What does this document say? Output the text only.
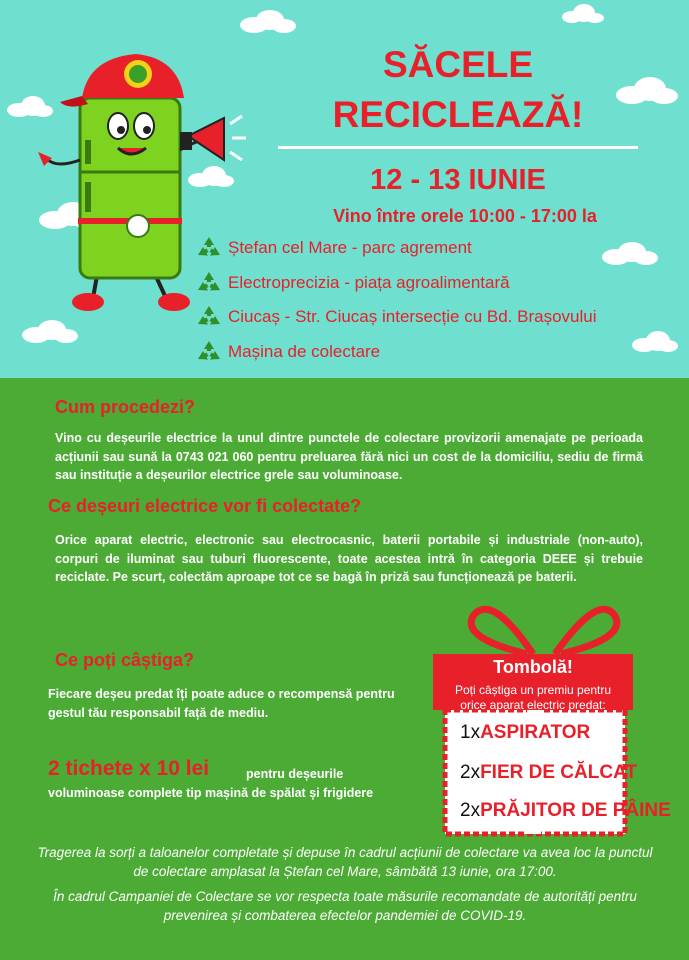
SĂCELE
RECICLEAZĂ!
12 - 13 IUNIE
Vino între orele 10:00 - 17:00 la
Ștefan cel Mare - parc agrement
Electroprecizia - piața agroalimentară
Ciucaș - Str. Ciucaș intersecție cu Bd. Brașovului
Mașina de colectare
Cum procedezi?
Vino cu deșeurile electrice la unul dintre punctele de colectare provizorii amenajate pe perioada acțiunii sau sună la 0743 021 060 pentru preluarea fără nici un cost de la domiciliu, sediu de firmă sau instituție a deșeurilor electrice grele sau voluminoase.
Ce deșeuri electrice vor fi colectate?
Orice aparat electric, electronic sau electrocasnic, baterii portabile și industriale (non-auto), corpuri de iluminat sau tuburi fluorescente, toate acestea intră în categoria DEEE și trebuie reciclate. Pe scurt, colectăm aproape tot ce se bagă în priză sau funcționează pe baterii.
Ce poți câștiga?
Fiecare deșeu predat îți poate aduce o recompensă pentru gestul tău responsabil față de mediu.
2 tichete x 10 lei	pentru deșeurile voluminoase complete tip mașină de spălat și frigidere
Tombolă!
Poți câștiga un premiu pentru orice aparat electric predat:
1xASPIRATOR
2xFIER DE CĂLCAT
2xPRĂJITOR DE PÂINE
Tragerea la sorți a taloanelor completate și depuse în cadrul acțiunii de colectare va avea loc la punctul de colectare amplasat la Ștefan cel Mare, sâmbătă 13 iunie, ora 17:00.
În cadrul Campaniei de Colectare se vor respecta toate măsurile recomandate de autorități pentru prevenirea și combaterea efectelor pandemiei de COVID-19.
